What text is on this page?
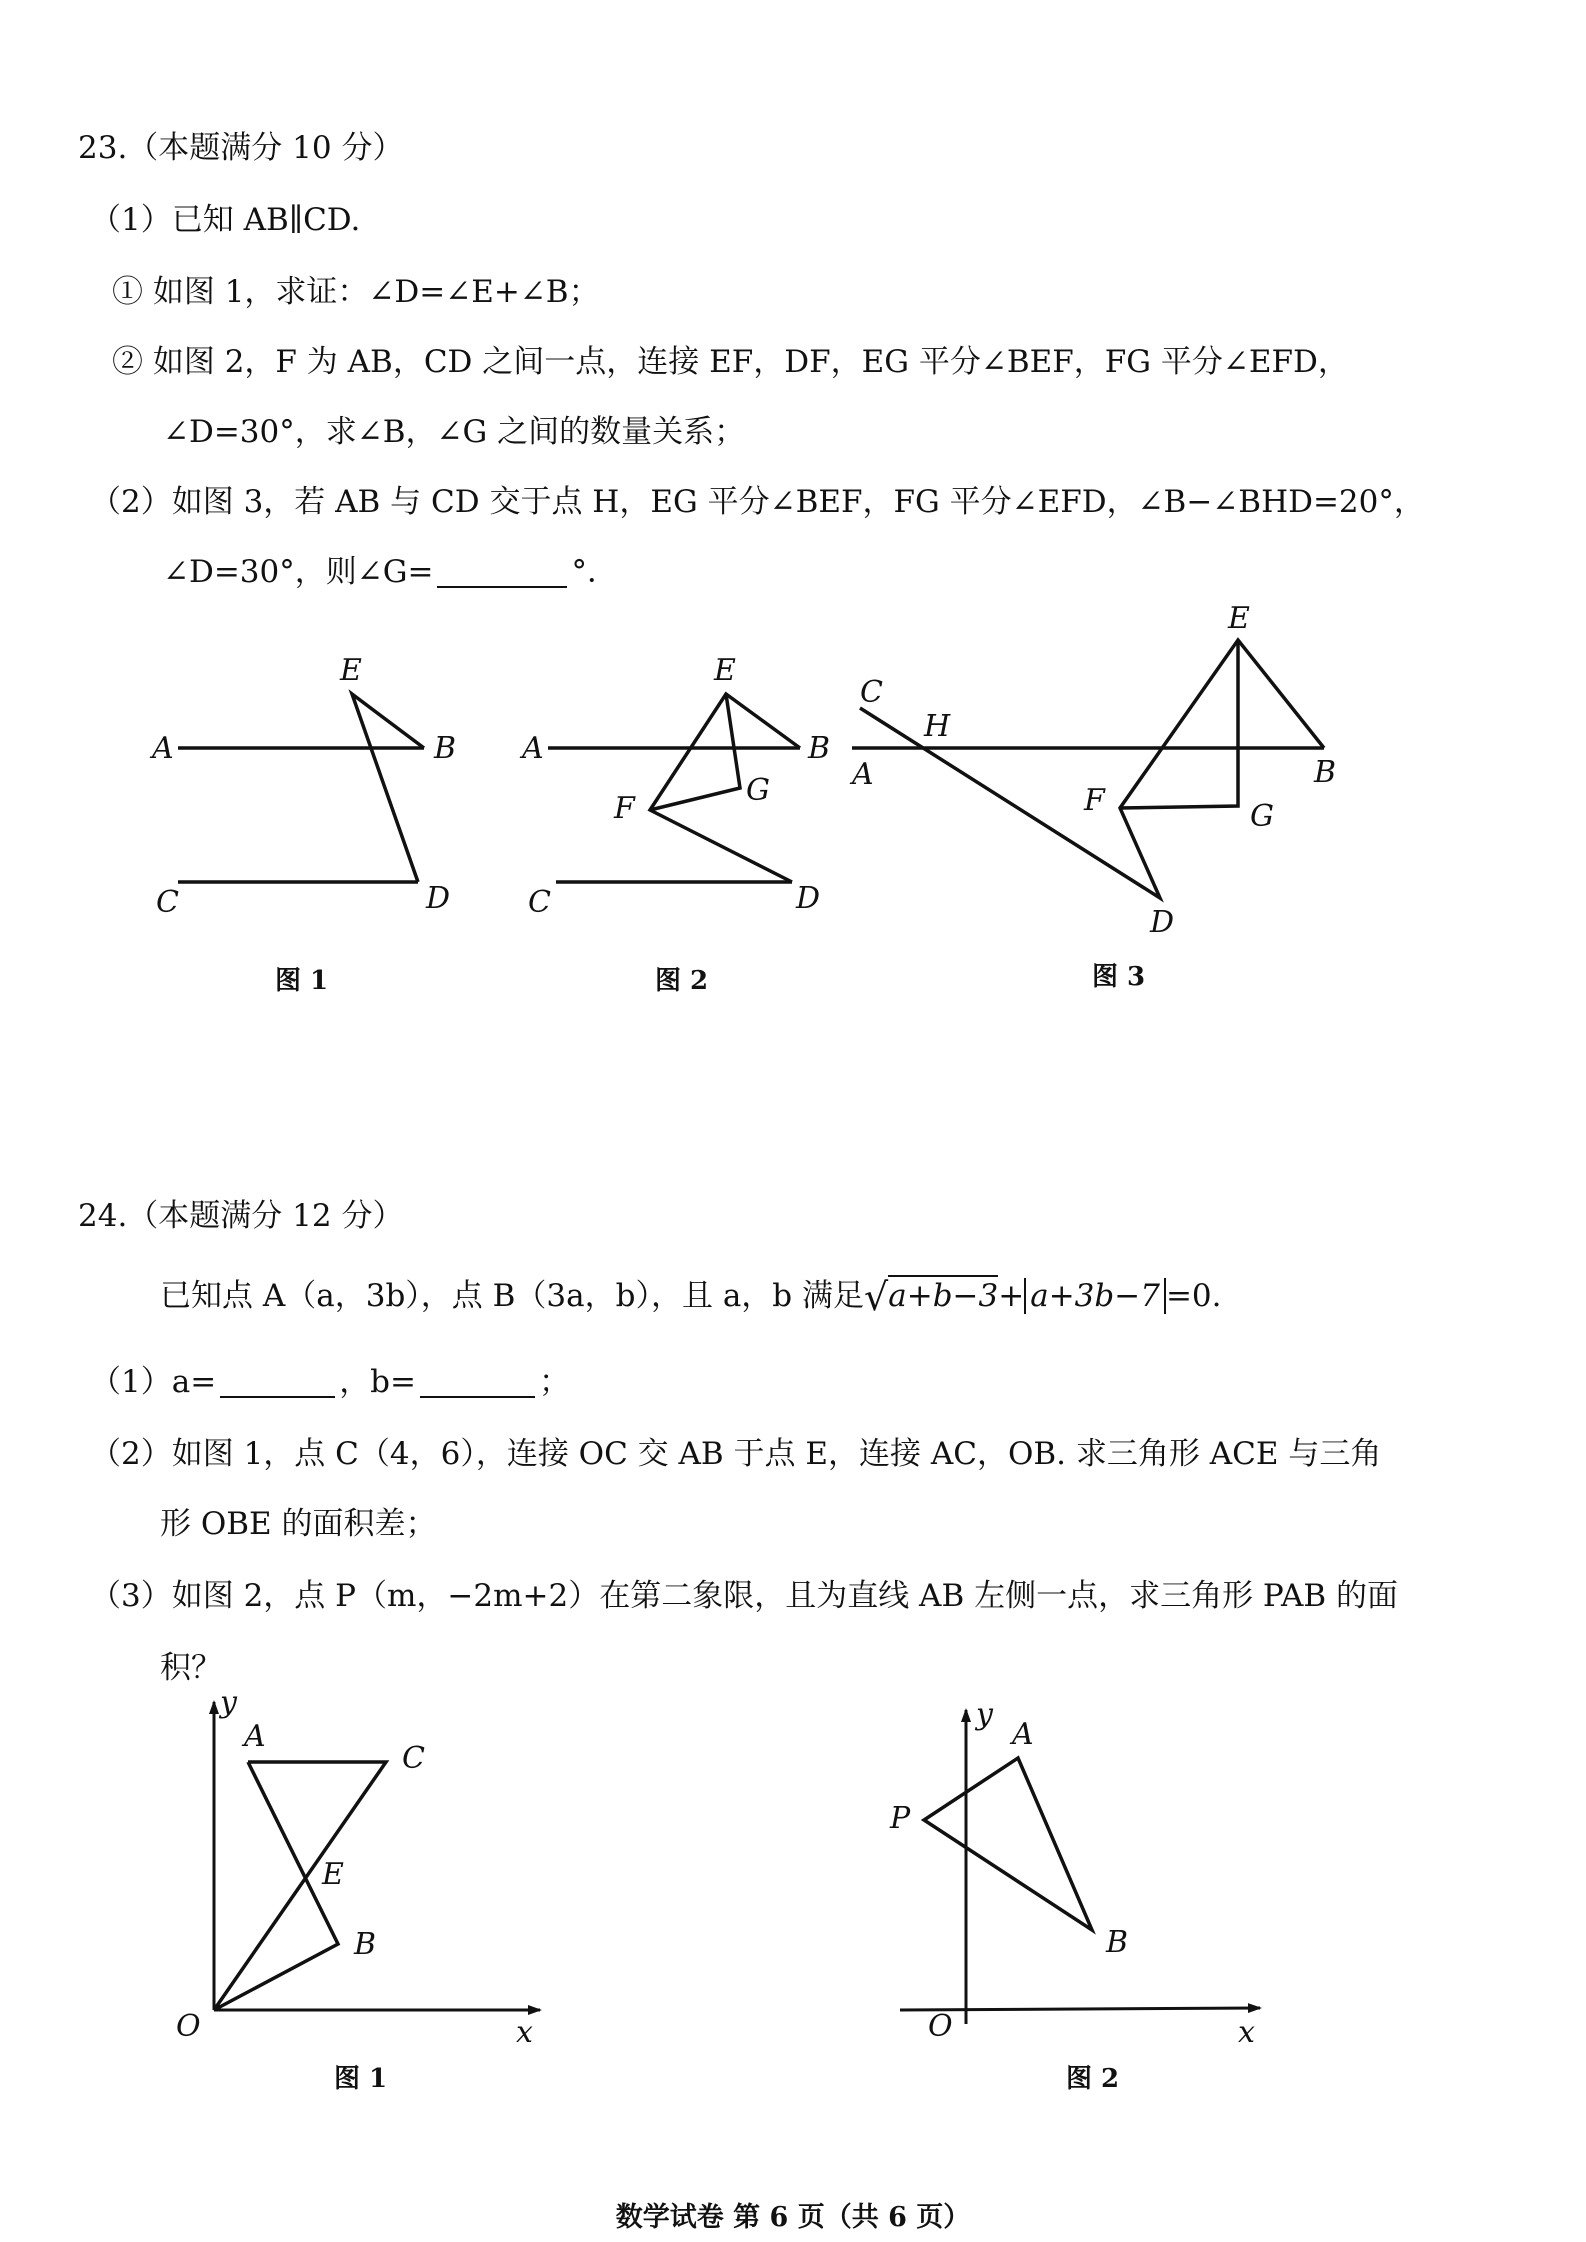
23.（本题满分 10 分）
（1）已知 AB∥CD.
① 如图 1，求证：∠D=∠E+∠B；
② 如图 2，F 为 AB，CD 之间一点，连接 EF，DF，EG 平分∠BEF，FG 平分∠EFD，
∠D=30°，求∠B，∠G 之间的数量关系；
（2）如图 3，若 AB 与 CD 交于点 H，EG 平分∠BEF，FG 平分∠EFD，∠B−∠BHD=20°，
∠D=30°，则∠G=	°．
A	B
C	D
E
图 1
A	B
C	D
E
F
G
图 2
C
H
A	B
E
F	G
D
图 3
24.（本题满分 12 分）
已知点 A（a，3b），点 B（3a，b），且 a，b 满足√a+b−3+ a+3b−7 =0.
（1）a=	，b=	；
（2）如图 1，点 C（4，6），连接 OC 交 AB 于点 E，连接 AC，OB. 求三角形 ACE 与三角
形 OBE 的面积差；
（3）如图 2，点 P（m，−2m+2）在第二象限，且为直线 AB 左侧一点，求三角形 PAB 的面
积？
y
x
O
A
C
E
B
图 1
y
x
O
A
B
P
图 2
数学试卷 第 6 页（共 6 页）
